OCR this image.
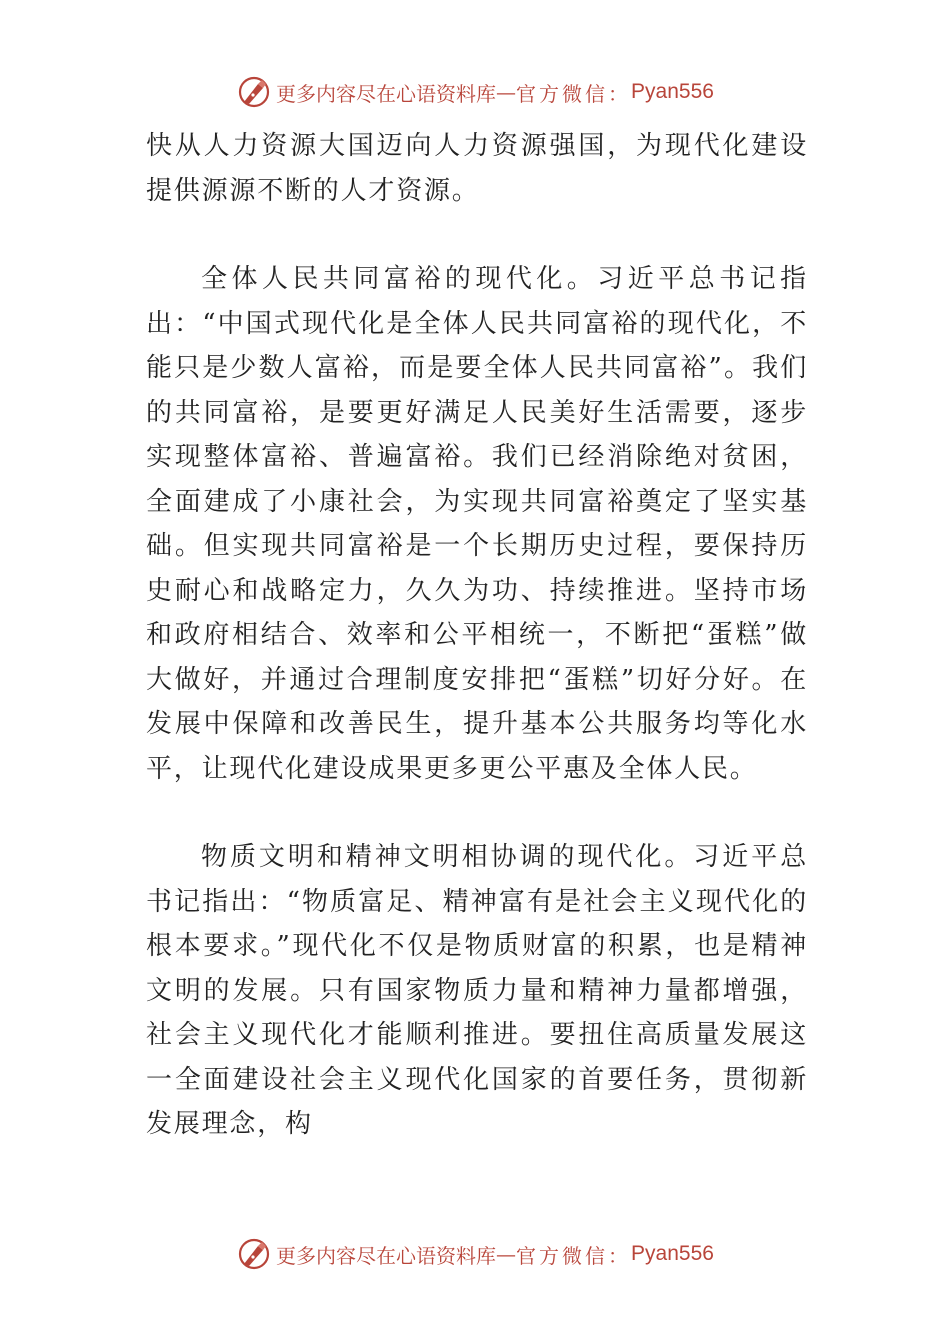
更多内容尽在心语资料库 — 官方微信： Pyan556

快从人力资源大国迈向人力资源强国，为现代化建设提供源源不断的人才资源。

全体人民共同富裕的现代化。习近平总书记指出：“中国式现代化是全体人民共同富裕的现代化，不能只是少数人富裕，而是要全体人民共同富裕”。我们的共同富裕，是要更好满足人民美好生活需要，逐步实现整体富裕、普遍富裕。我们已经消除绝对贫困，全面建成了小康社会，为实现共同富裕奠定了坚实基础。但实现共同富裕是一个长期历史过程，要保持历史耐心和战略定力，久久为功、持续推进。坚持市场和政府相结合、效率和公平相统一，不断把“蛋糕”做大做好，并通过合理制度安排把“蛋糕”切好分好。在发展中保障和改善民生，提升基本公共服务均等化水平，让现代化建设成果更多更公平惠及全体人民。

物质文明和精神文明相协调的现代化。习近平总书记指出：“物质富足、精神富有是社会主义现代化的根本要求。”现代化不仅是物质财富的积累，也是精神文明的发展。只有国家物质力量和精神力量都增强，社会主义现代化才能顺利推进。要扭住高质量发展这一全面建设社会主义现代化国家的首要任务，贯彻新发展理念，构

更多内容尽在心语资料库 — 官方微信： Pyan556
